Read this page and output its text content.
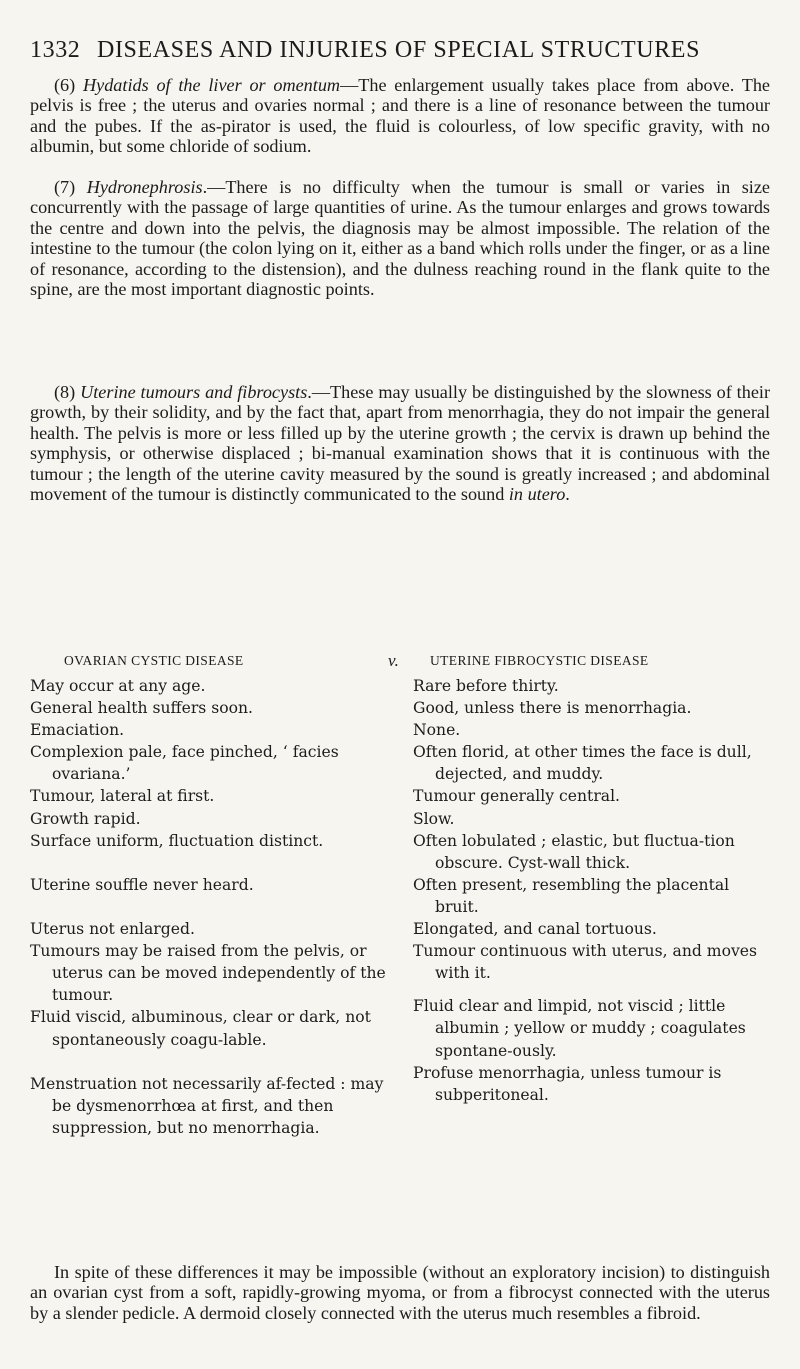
1332 DISEASES AND INJURIES OF SPECIAL STRUCTURES

(6) Hydatids of the liver or omentum—The enlargement usually takes place from above. The pelvis is free ; the uterus and ovaries normal ; and there is a line of resonance between the tumour and the pubes. If the as-pirator is used, the fluid is colourless, of low specific gravity, with no albumin, but some chloride of sodium.

(7) Hydronephrosis.—There is no difficulty when the tumour is small or varies in size concurrently with the passage of large quantities of urine. As the tumour enlarges and grows towards the centre and down into the pelvis, the diagnosis may be almost impossible. The relation of the intestine to the tumour (the colon lying on it, either as a band which rolls under the finger, or as a line of resonance, according to the distension), and the dulness reaching round in the flank quite to the spine, are the most important diagnostic points.

(8) Uterine tumours and fibrocysts.—These may usually be distinguished by the slowness of their growth, by their solidity, and by the fact that, apart from menorrhagia, they do not impair the general health. The pelvis is more or less filled up by the uterine growth ; the cervix is drawn up behind the symphysis, or otherwise displaced ; bi-manual examination shows that it is continuous with the tumour ; the length of the uterine cavity measured by the sound is greatly increased ; and abdominal movement of the tumour is distinctly communicated to the sound in utero.

OVARIAN CYSTIC DISEASE	v. UTERINE FIBROCYSTIC DISEASE
May occur at any age.
General health suffers soon.
Emaciation.
Complexion pale, face pinched, ‘ facies ovariana.’
Tumour, lateral at first.
Growth rapid.
Surface uniform, fluctuation distinct.
Uterine souffle never heard.
Uterus not enlarged.
Tumours may be raised from the pelvis, or uterus can be moved independently of the tumour.
Fluid viscid, albuminous, clear or dark, not spontaneously coagu-lable.
Menstruation not necessarily af-fected : may be dysmenorrhœa at first, and then suppression, but no menorrhagia.
Rare before thirty.
Good, unless there is menorrhagia.
None.
Often florid, at other times the face is dull, dejected, and muddy.
Tumour generally central.
Slow.
Often lobulated ; elastic, but fluctua-tion obscure. Cyst-wall thick.
Often present, resembling the placental bruit.
Elongated, and canal tortuous.
Tumour continuous with uterus, and moves with it.
Fluid clear and limpid, not viscid ; little albumin ; yellow or muddy ; coagulates spontane-ously.
Profuse menorrhagia, unless tumour is subperitoneal.

In spite of these differences it may be impossible (without an exploratory incision) to distinguish an ovarian cyst from a soft, rapidly-growing myoma, or from a fibrocyst connected with the uterus by a slender pedicle. A dermoid closely connected with the uterus much resembles a fibroid.
